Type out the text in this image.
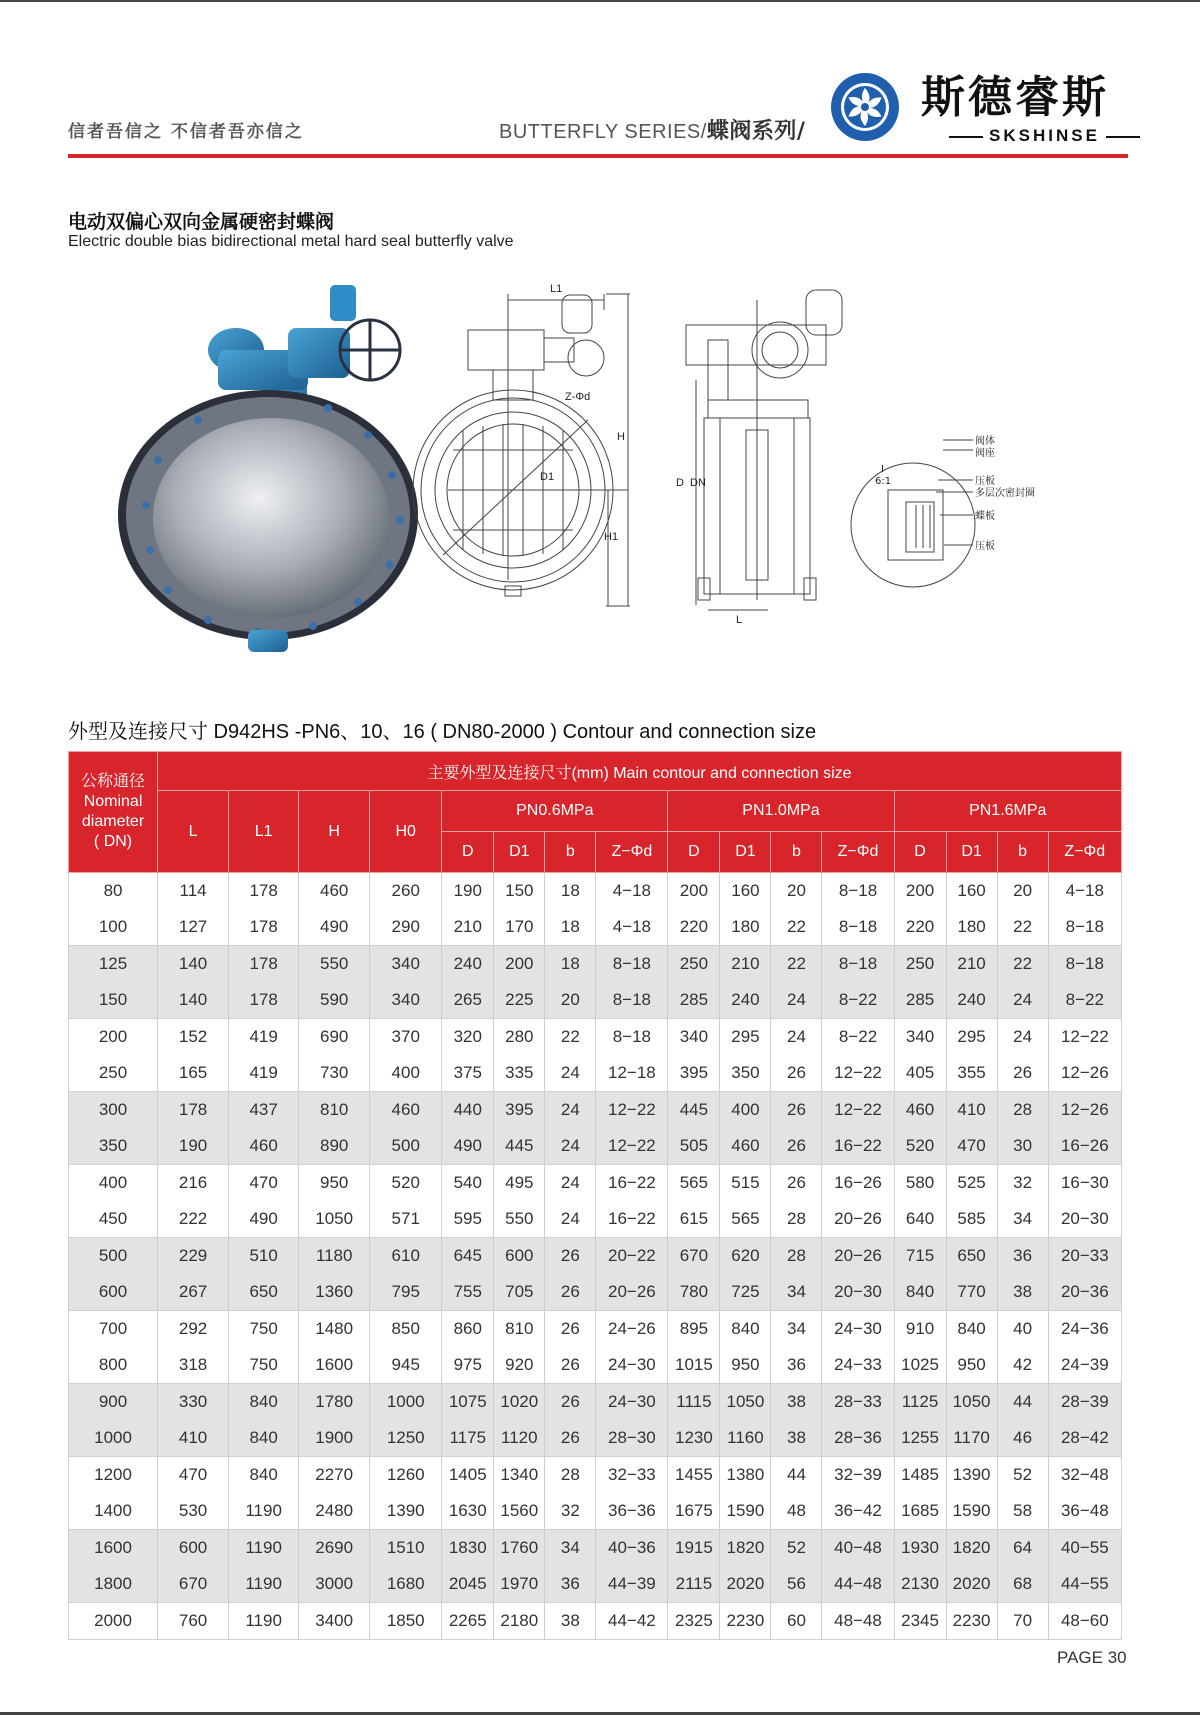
信者吾信之 不信者吾亦信之	BUTTERFLY SERIES/蝶阀系列/
斯德睿斯
SKSHINSE
电动双偏心双向金属硬密封蝶阀
Electric double bias bidirectional metal hard seal butterfly valve
L1
Z-Φd
D1
H
H1
D DN
L
I
6:1
阀体
阀座
压板
多层次密封圈
蝶板
压板
外型及连接尺寸 D942HS -PN6、10、16 ( DN80-2000 ) Contour and connection size
公称通径
Nominal
diameter
( DN)	主要外型及连接尺寸(mm) Main contour and connection size															
	L	L1	H	H0	PN0.6MPa				PN1.0MPa				PN1.6MPa			
					D	D1	b	Z−Φd	D	D1	b	Z−Φd	D	D1	b	Z−Φd
80	114	178	460	260	190	150	18	4−18	200	160	20	8−18	200	160	20	4−18
100	127	178	490	290	210	170	18	4−18	220	180	22	8−18	220	180	22	8−18
125	140	178	550	340	240	200	18	8−18	250	210	22	8−18	250	210	22	8−18
150	140	178	590	340	265	225	20	8−18	285	240	24	8−22	285	240	24	8−22
200	152	419	690	370	320	280	22	8−18	340	295	24	8−22	340	295	24	12−22
250	165	419	730	400	375	335	24	12−18	395	350	26	12−22	405	355	26	12−26
300	178	437	810	460	440	395	24	12−22	445	400	26	12−22	460	410	28	12−26
350	190	460	890	500	490	445	24	12−22	505	460	26	16−22	520	470	30	16−26
400	216	470	950	520	540	495	24	16−22	565	515	26	16−26	580	525	32	16−30
450	222	490	1050	571	595	550	24	16−22	615	565	28	20−26	640	585	34	20−30
500	229	510	1180	610	645	600	26	20−22	670	620	28	20−26	715	650	36	20−33
600	267	650	1360	795	755	705	26	20−26	780	725	34	20−30	840	770	38	20−36
700	292	750	1480	850	860	810	26	24−26	895	840	34	24−30	910	840	40	24−36
800	318	750	1600	945	975	920	26	24−30	1015	950	36	24−33	1025	950	42	24−39
900	330	840	1780	1000	1075	1020	26	24−30	1115	1050	38	28−33	1125	1050	44	28−39
1000	410	840	1900	1250	1175	1120	26	28−30	1230	1160	38	28−36	1255	1170	46	28−42
1200	470	840	2270	1260	1405	1340	28	32−33	1455	1380	44	32−39	1485	1390	52	32−48
1400	530	1190	2480	1390	1630	1560	32	36−36	1675	1590	48	36−42	1685	1590	58	36−48
1600	600	1190	2690	1510	1830	1760	34	40−36	1915	1820	52	40−48	1930	1820	64	40−55
1800	670	1190	3000	1680	2045	1970	36	44−39	2115	2020	56	44−48	2130	2020	68	44−55
2000	760	1190	3400	1850	2265	2180	38	44−42	2325	2230	60	48−48	2345	2230	70	48−60
PAGE 30
